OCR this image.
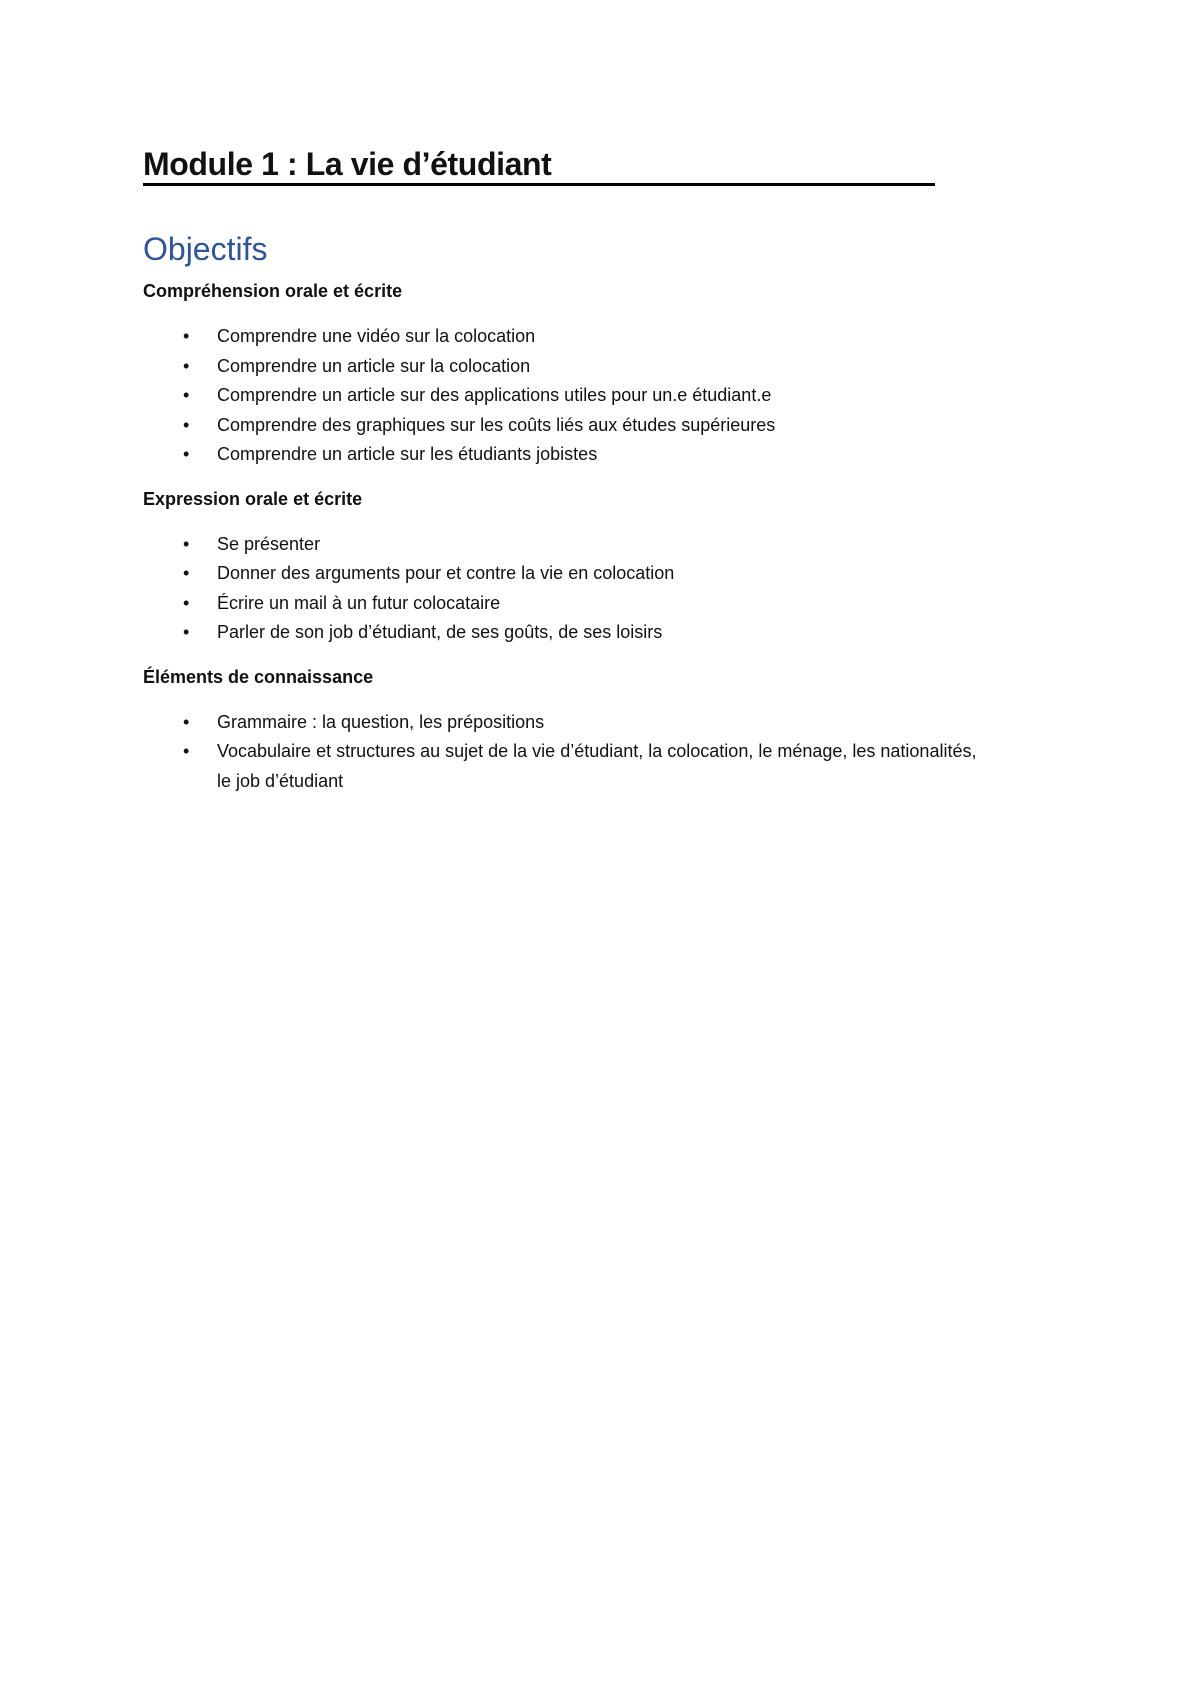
Module 1 : La vie d’étudiant
Objectifs
Compréhension orale et écrite
• Comprendre une vidéo sur la colocation
• Comprendre un article sur la colocation
• Comprendre un article sur des applications utiles pour un.e étudiant.e
• Comprendre des graphiques sur les coûts liés aux études supérieures
• Comprendre un article sur les étudiants jobistes
Expression orale et écrite
• Se présenter
• Donner des arguments pour et contre la vie en colocation
• Écrire un mail à un futur colocataire
• Parler de son job d’étudiant, de ses goûts, de ses loisirs
Éléments de connaissance
• Grammaire : la question, les prépositions
• Vocabulaire et structures au sujet de la vie d’étudiant, la colocation, le ménage, les nationalités, le job d’étudiant
